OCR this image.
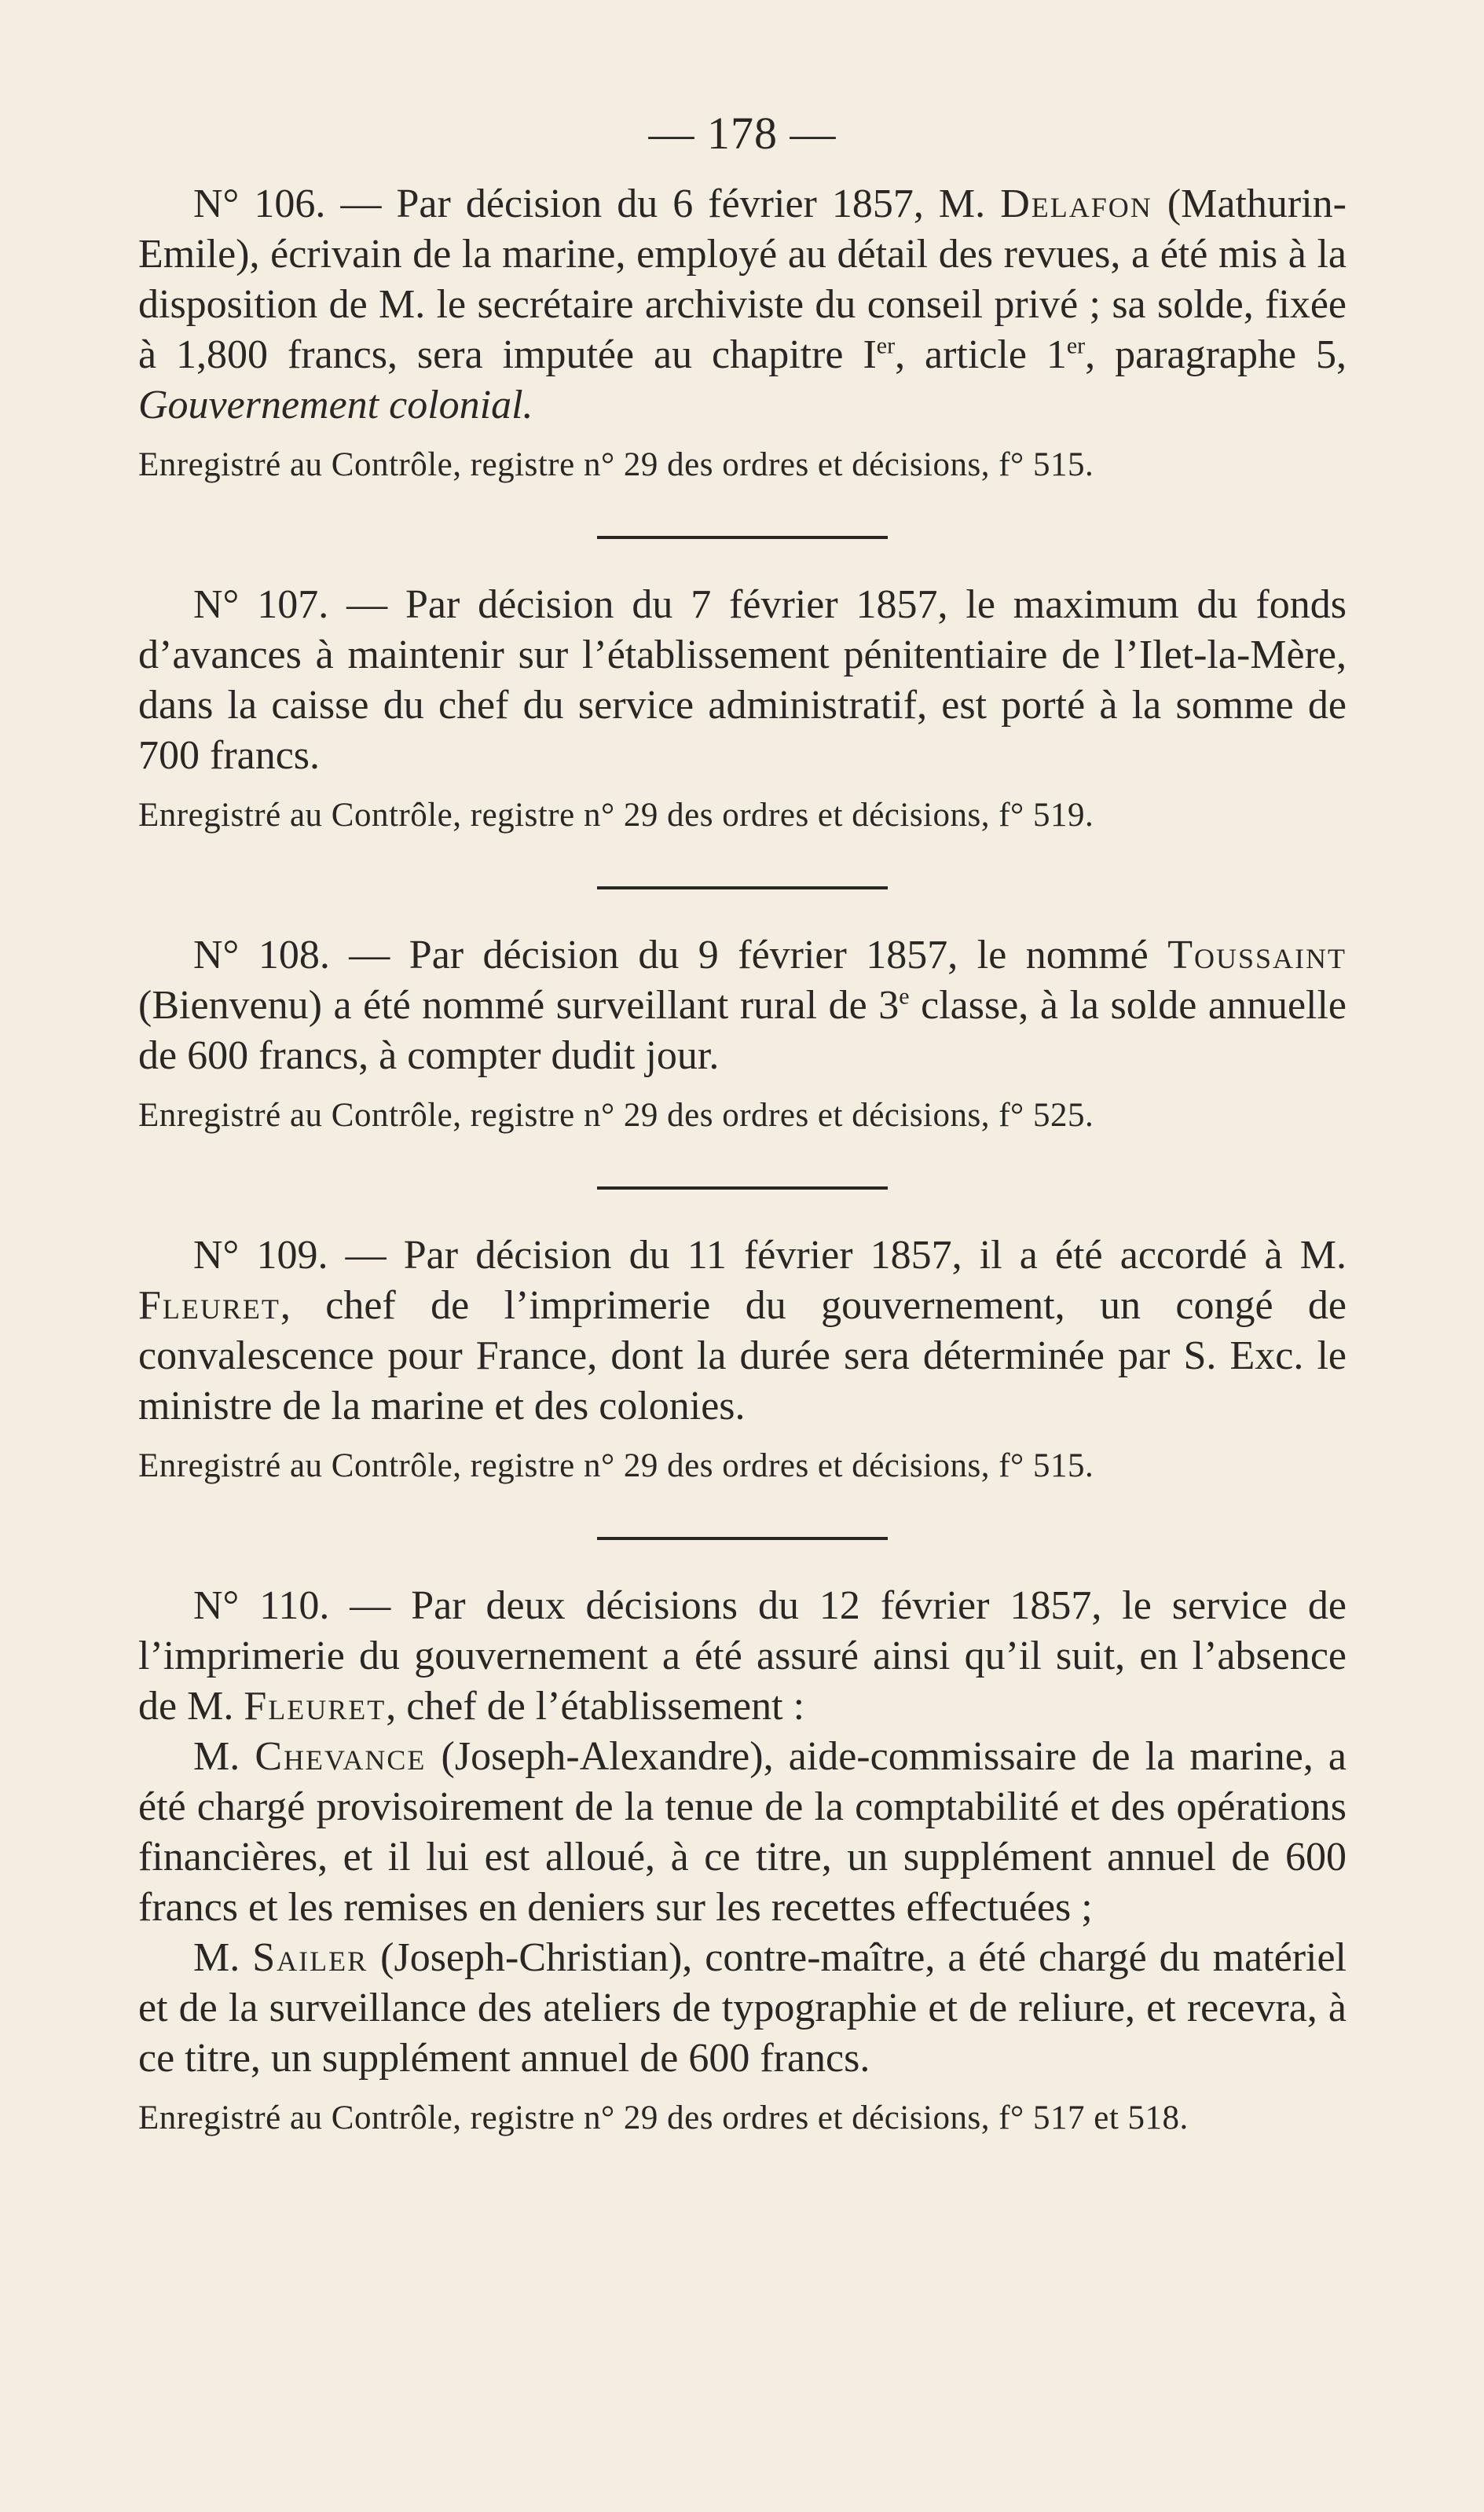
— 178 —

N° 106. — Par décision du 6 février 1857, M. Delafon (Mathurin-Emile), écrivain de la marine, employé au détail des revues, a été mis à la disposition de M. le secrétaire archiviste du conseil privé ; sa solde, fixée à 1,800 francs, sera imputée au chapitre Ier, article 1er, paragraphe 5, Gouvernement colonial.

Enregistré au Contrôle, registre n° 29 des ordres et décisions, f° 515.

N° 107. — Par décision du 7 février 1857, le maximum du fonds d’avances à maintenir sur l’établissement pénitentiaire de l’Ilet-la-Mère, dans la caisse du chef du service administratif, est porté à la somme de 700 francs.

Enregistré au Contrôle, registre n° 29 des ordres et décisions, f° 519.

N° 108. — Par décision du 9 février 1857, le nommé Toussaint (Bienvenu) a été nommé surveillant rural de 3e classe, à la solde annuelle de 600 francs, à compter dudit jour.

Enregistré au Contrôle, registre n° 29 des ordres et décisions, f° 525.

N° 109. — Par décision du 11 février 1857, il a été accordé à M. Fleuret, chef de l’imprimerie du gouvernement, un congé de convalescence pour France, dont la durée sera déterminée par S. Exc. le ministre de la marine et des colonies.

Enregistré au Contrôle, registre n° 29 des ordres et décisions, f° 515.

N° 110. — Par deux décisions du 12 février 1857, le service de l’imprimerie du gouvernement a été assuré ainsi qu’il suit, en l’absence de M. Fleuret, chef de l’établissement :

M. Chevance (Joseph-Alexandre), aide-commissaire de la marine, a été chargé provisoirement de la tenue de la comptabilité et des opérations financières, et il lui est alloué, à ce titre, un supplément annuel de 600 francs et les remises en deniers sur les recettes effectuées ;

M. Sailer (Joseph-Christian), contre-maître, a été chargé du matériel et de la surveillance des ateliers de typographie et de reliure, et recevra, à ce titre, un supplément annuel de 600 francs.

Enregistré au Contrôle, registre n° 29 des ordres et décisions, f° 517 et 518.
